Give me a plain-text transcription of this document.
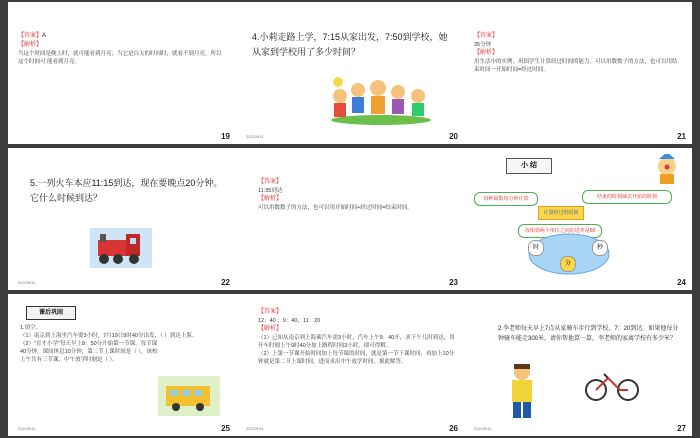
【答案】A
【解析】
当这个时间是晚上时，就可能看到月亮；当它是白天的时间时，就看不到月亮。所以这个时间可 能看到月亮。
19
4.小莉走路上学，7:15从家出发，7:50到学校，她从家到学校用了多少时间？
2022/9/11	20
【答案】
35分钟
【解析】
用生活中的实例，巩固学生计算经过时间的能力。可以用数数子的方法，也可以用结束时间一开始时间=经过时间。
21
5.一列火车本应11:15到达，现在要晚点20分钟。它什么时候到达？
2022/9/11	22
【答案】
11:35到达
【解析】
可以用数数子的方法，也可以用开始时间+经过时间=结束时间。
23
小 结
每种面数每分钟计算	结束的时刻减去开始的时刻
计算经过的时间
每相邻两个单位之间的进率是60
时
分
秒
24
课后巩固
1.填空。
（1）南京到上海坐汽车要3小时，7月19日9时40分出发，（ ）到达上海。
（2）"育才小学"每天早上8：50分开始第一节课，每节课40分钟，课间休息10分钟，第二节上课时间是（ ），该校上午共有三节课，中午放学时刻是（ ）。
2022/9/11	25
【答案】
12：40 ；9：40，11：20
【解析】
（1）已知从南京到上海乘汽车需3小时，汽车上午9：40开，求下午几时到达，用开车时刻上午9时40分加上路程时间3小时，即可得解。
（2）上第一节课开始时间加上每节课的时间，就是第一节下课时间，再加上10分钟就是第二节上课时间，进而求出中午放学时间，据此解答。
2022/9/11	26
2.李老师每天早上7点从家骑车步行到学校，7：20到达。如果他每分钟骑车能走300米，请你帮他算一算，李老师的家离学校有多少米？
2022/9/11	27
